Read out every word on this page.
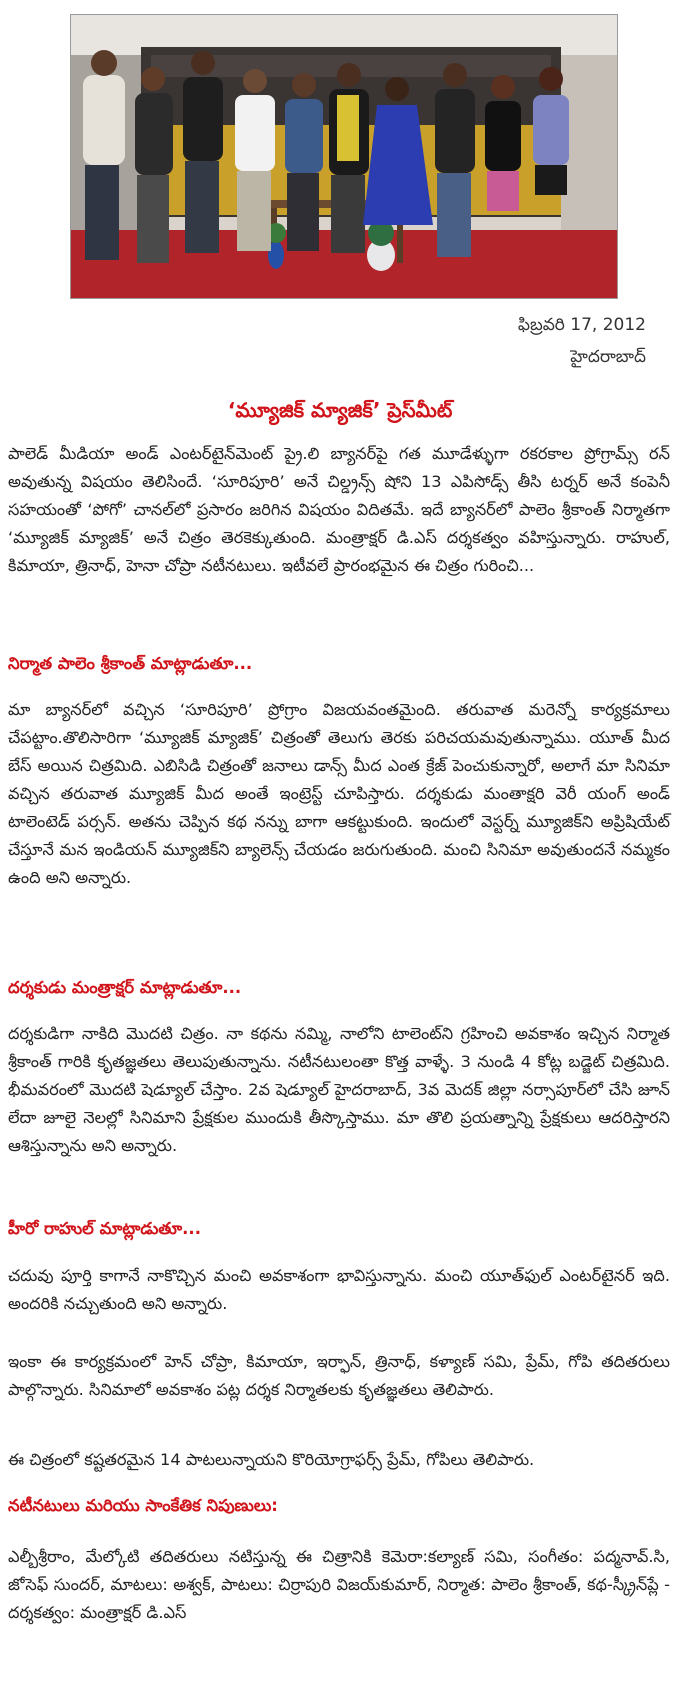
ఫిబ్రవరి 17, 2012
హైదరాబాద్
‘మ్యూజిక్ మ్యాజిక్’ ప్రెస్‌మీట్

పాలెడ్ మీడియా అండ్ ఎంటర్‌టైన్‌మెంట్ ప్రై.లి బ్యానర్‌పై గత మూడేళ్ళుగా రకరకాల ప్రోగ్రామ్స్ రన్ అవుతున్న విషయం తెలిసిందే. ‘సూరిపూరి’ అనే చిల్డ్రన్స్ షోని 13 ఎపిసోడ్స్ తీసి టర్నర్ అనే కంపెనీ సహయంతో ‘పోగో’ చానల్‌లో ప్రసారం జరిగిన విషయం విదితమే. ఇదే బ్యానర్‌లో పాలెం శ్రీకాంత్ నిర్మాతగా ‘మ్యూజిక్ మ్యాజిక్’ అనే చిత్రం తెరకెక్కుతుంది. మంత్రాక్షర్ డి.ఎస్ దర్శకత్వం వహిస్తున్నారు. రాహుల్, కిమాయా, త్రినాధ్, హెనా చోప్రా నటీనటులు. ఇటీవలే ప్రారంభమైన ఈ చిత్రం గురించి...

నిర్మాత పాలెం శ్రీకాంత్ మాట్లాడుతూ...

మా బ్యానర్‌లో వచ్చిన ‘సూరిపూరి’ ప్రోగ్రాం విజయవంతమైంది. తరువాత మరెన్నో కార్యక్రమాలు చేపట్టాం.తొలిసారిగా ‘మ్యూజిక్ మ్యాజిక్’ చిత్రంతో తెలుగు తెరకు పరిచయమవుతున్నాము. యూత్ మీద బేస్ అయిన చిత్రమిది. ఎబిసిడి చిత్రంతో జనాలు డాన్స్ మీద ఎంత క్రేజ్ పెంచుకున్నారో, అలాగే మా సినిమా వచ్చిన తరువాత మ్యూజిక్ మీద అంతే ఇంట్రెస్ట్ చూపిస్తారు. దర్శకుడు మంతాక్షరి వెరీ యంగ్ అండ్ టాలెంటెడ్ పర్సన్. అతను చెప్పిన కథ నన్ను బాగా ఆకట్టుకుంది. ఇందులో వెస్టర్న్ మ్యూజిక్‌ని అప్రిషియేట్ చేస్తూనే మన ఇండియన్ మ్యూజిక్‌ని బ్యాలెన్స్ చేయడం జరుగుతుంది. మంచి సినిమా అవుతుందనే నమ్మకం ఉంది అని అన్నారు.

దర్శకుడు మంత్రాక్షర్ మాట్లాడుతూ...

దర్శకుడిగా నాకిది మొదటి చిత్రం. నా కథను నమ్మి, నాలోని టాలెంట్‌ని గ్రహించి అవకాశం ఇచ్చిన నిర్మాత శ్రీకాంత్ గారికి కృతజ్ఞతలు తెలుపుతున్నాను. నటీనటులంతా కొత్త వాళ్ళే. 3 నుండి 4 కోట్ల బడ్జెట్ చిత్రమిది. భీమవరంలో మొదటి షెడ్యూల్ చేస్తాం. 2వ షెడ్యూల్ హైదరాబాద్, 3వ మెదక్ జిల్లా నర్సాపూర్‌లో చేసి జూన్ లేదా జూలై నెలల్లో సినిమాని ప్రేక్షకుల ముందుకి తీస్కొస్తాము. మా తొలి ప్రయత్నాన్ని ప్రేక్షకులు ఆదరిస్తారని ఆశిస్తున్నాను అని అన్నారు.

హీరో రాహుల్ మాట్లాడుతూ...

చదువు పూర్తి కాగానే నాకొచ్చిన మంచి అవకాశంగా భావిస్తున్నాను. మంచి యూత్‌ఫుల్ ఎంటర్‌టైనర్ ఇది. అందరికి నచ్చుతుంది అని అన్నారు.

ఇంకా ఈ కార్యక్రమంలో హెన్ చోప్రా, కిమాయా, ఇర్ఫాన్, త్రినాధ్, కళ్యాణ్ సమి, ప్రేమ్, గోపి తదితరులు పాల్గొన్నారు. సినిమాలో అవకాశం పట్ల దర్శక నిర్మాతలకు కృతజ్ఞతలు తెలిపారు.

ఈ చిత్రంలో కష్టతరమైన 14 పాటలున్నాయని కొరియోగ్రాఫర్స్ ప్రేమ్, గోపిలు తెలిపారు.

నటీనటులు మరియు సాంకేతిక నిపుణులు:

ఎల్బీశ్రీరాం, మేల్కోటి తదితరులు నటిస్తున్న ఈ చిత్రానికి కెమెరా:కల్యాణ్ సమి, సంగీతం: పద్మనావ్.సి, జోసెఫ్ సుందర్, మాటలు: అశ్వక్, పాటలు: చిర్రాపురి విజయ్‌కుమార్, నిర్మాత: పాలెం శ్రీకాంత్, కథ-స్క్రీన్‌ప్లే - దర్శకత్వం: మంత్రాక్షర్ డి.ఎస్
